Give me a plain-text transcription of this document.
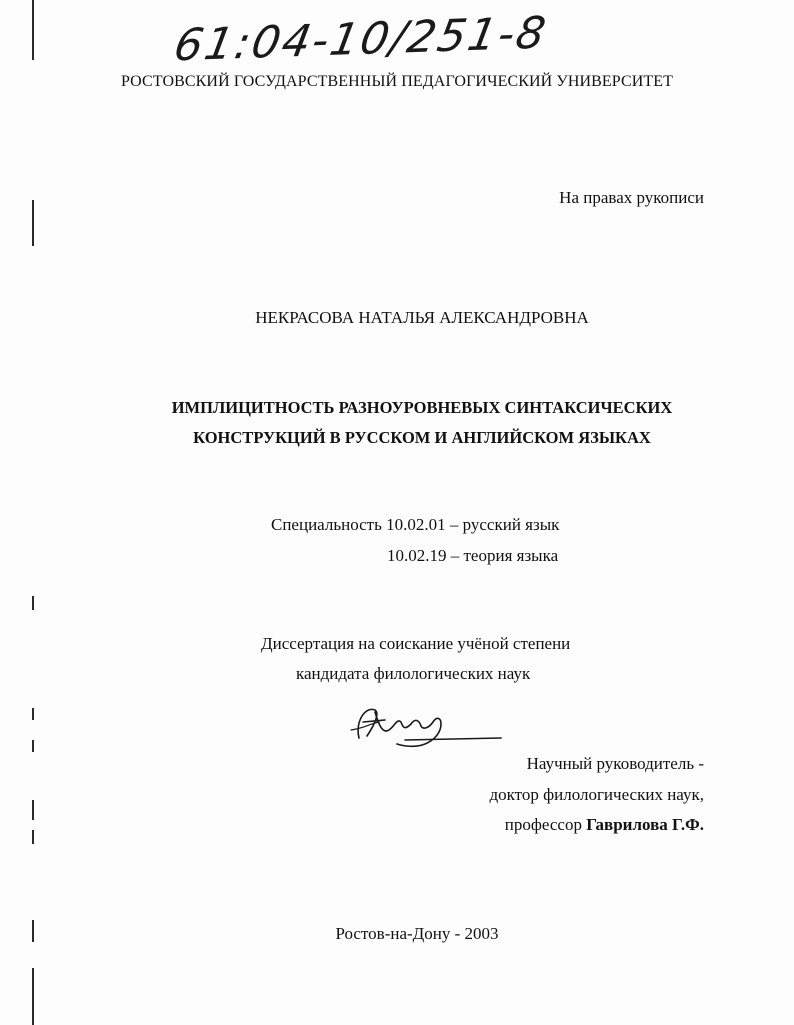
61:04-10/251-8
РОСТОВСКИЙ ГОСУДАРСТВЕННЫЙ ПЕДАГОГИЧЕСКИЙ УНИВЕРСИТЕТ
На правах рукописи
НЕКРАСОВА НАТАЛЬЯ АЛЕКСАНДРОВНА
ИМПЛИЦИТНОСТЬ РАЗНОУРОВНЕВЫХ СИНТАКСИЧЕСКИХ
КОНСТРУКЦИЙ В РУССКОМ И АНГЛИЙСКОМ ЯЗЫКАХ
Специальность 10.02.01 – русский язык
10.02.19 – теория языка
Диссертация на соискание учёной степени
кандидата филологических наук
Научный руководитель -
доктор филологических наук,
профессор Гаврилова Г.Ф.
Ростов-на-Дону - 2003
